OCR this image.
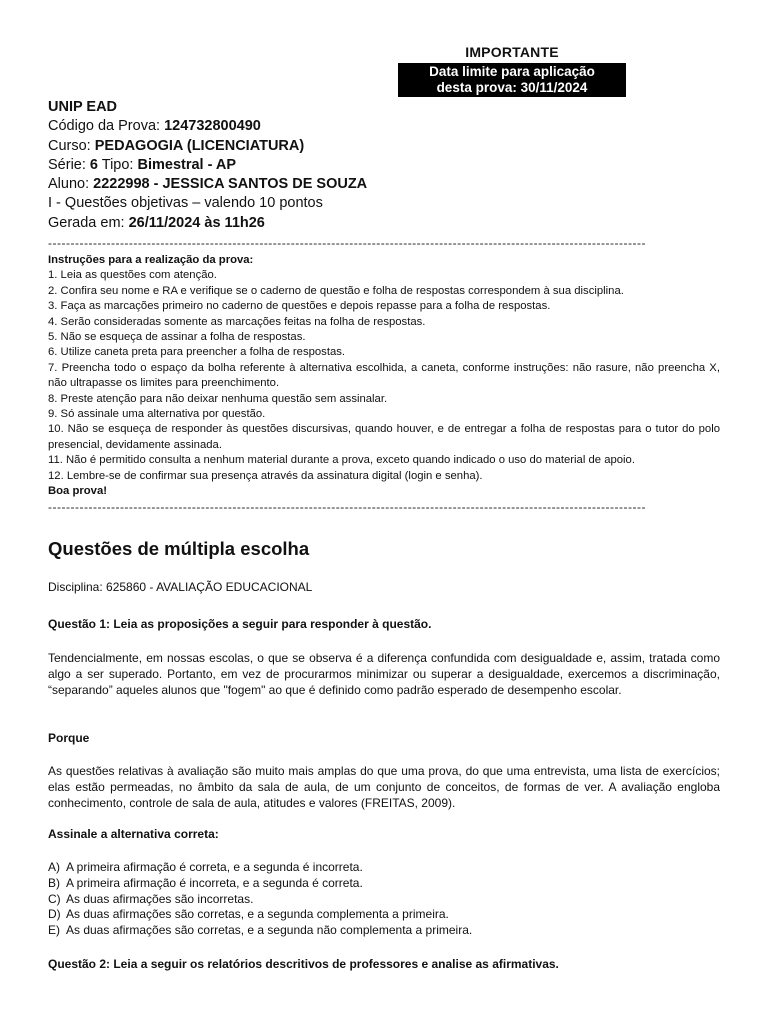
IMPORTANTE
Data limite para aplicação
desta prova: 30/11/2024
UNIP EAD
Código da Prova: 124732800490
Curso: PEDAGOGIA (LICENCIATURA)
Série: 6 Tipo: Bimestral - AP
Aluno: 2222998 - JESSICA SANTOS DE SOUZA
I - Questões objetivas – valendo 10 pontos
Gerada em: 26/11/2024 às 11h26
-------------------------------------------------------------------------------------------------------------------------------------
Instruções para a realização da prova:
1. Leia as questões com atenção.
2. Confira seu nome e RA e verifique se o caderno de questão e folha de respostas correspondem à sua disciplina.
3. Faça as marcações primeiro no caderno de questões e depois repasse para a folha de respostas.
4. Serão consideradas somente as marcações feitas na folha de respostas.
5. Não se esqueça de assinar a folha de respostas.
6. Utilize caneta preta para preencher a folha de respostas.
7. Preencha todo o espaço da bolha referente à alternativa escolhida, a caneta, conforme instruções: não rasure, não preencha X, não ultrapasse os limites para preenchimento.
8. Preste atenção para não deixar nenhuma questão sem assinalar.
9. Só assinale uma alternativa por questão.
10. Não se esqueça de responder às questões discursivas, quando houver, e de entregar a folha de respostas para o tutor do polo presencial, devidamente assinada.
11. Não é permitido consulta a nenhum material durante a prova, exceto quando indicado o uso do material de apoio.
12. Lembre-se de confirmar sua presença através da assinatura digital (login e senha).
Boa prova!
-------------------------------------------------------------------------------------------------------------------------------------
Questões de múltipla escolha
Disciplina: 625860 - AVALIAÇÃO EDUCACIONAL
Questão 1: Leia as proposições a seguir para responder à questão.
Tendencialmente, em nossas escolas, o que se observa é a diferença confundida com desigualdade e, assim, tratada como algo a ser superado. Portanto, em vez de procurarmos minimizar ou superar a desigualdade, exercemos a discriminação, “separando” aqueles alunos que "fogem" ao que é definido como padrão esperado de desempenho escolar.
Porque
As questões relativas à avaliação são muito mais amplas do que uma prova, do que uma entrevista, uma lista de exercícios; elas estão permeadas, no âmbito da sala de aula, de um conjunto de conceitos, de formas de ver. A avaliação engloba conhecimento, controle de sala de aula, atitudes e valores (FREITAS, 2009).
Assinale a alternativa correta:
A) A primeira afirmação é correta, e a segunda é incorreta.
B) A primeira afirmação é incorreta, e a segunda é correta.
C) As duas afirmações são incorretas.
D) As duas afirmações são corretas, e a segunda complementa a primeira.
E) As duas afirmações são corretas, e a segunda não complementa a primeira.
Questão 2: Leia a seguir os relatórios descritivos de professores e analise as afirmativas.
